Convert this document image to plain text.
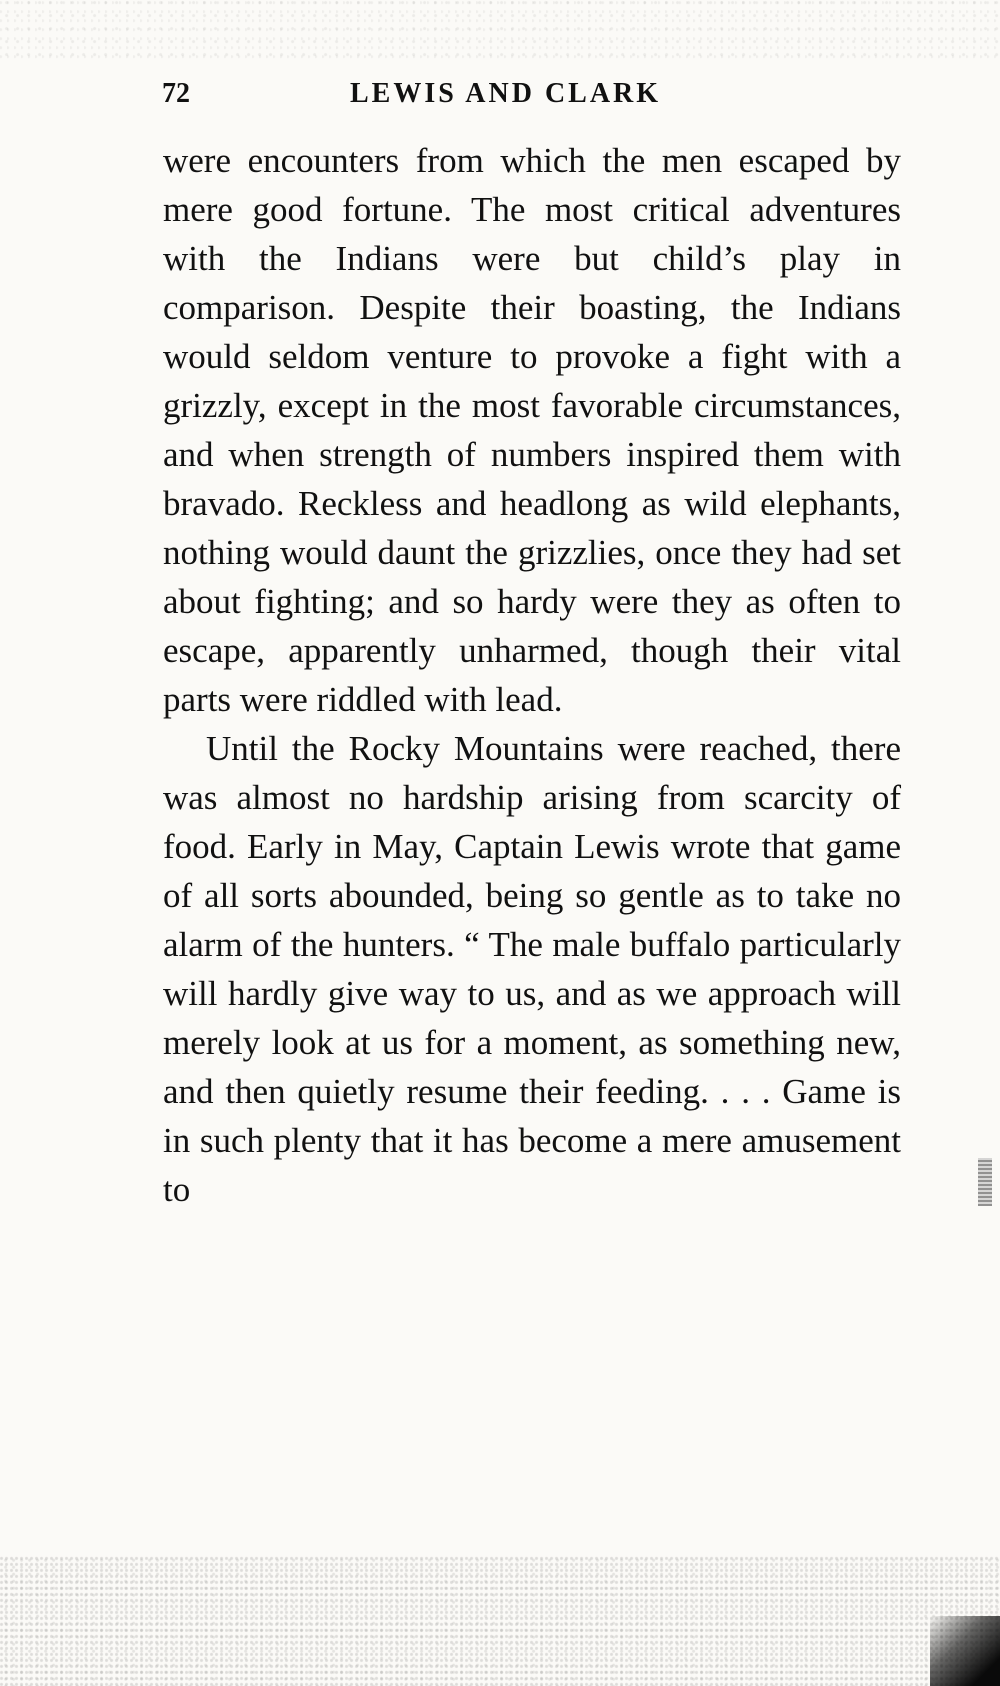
72	LEWIS AND CLARK

were encounters from which the men escaped by mere good fortune. The most critical adventures with the Indians were but child’s play in comparison. Despite their boasting, the Indians would seldom venture to provoke a fight with a grizzly, except in the most favorable circumstances, and when strength of numbers inspired them with bravado. Reckless and headlong as wild elephants, nothing would daunt the grizzlies, once they had set about fighting; and so hardy were they as often to escape, apparently unharmed, though their vital parts were riddled with lead.

Until the Rocky Mountains were reached, there was almost no hardship arising from scarcity of food. Early in May, Captain Lewis wrote that game of all sorts abounded, being so gentle as to take no alarm of the hunters. “ The male buffalo particularly will hardly give way to us, and as we approach will merely look at us for a moment, as something new, and then quietly resume their feeding. . . . Game is in such plenty that it has become a mere amusement to
